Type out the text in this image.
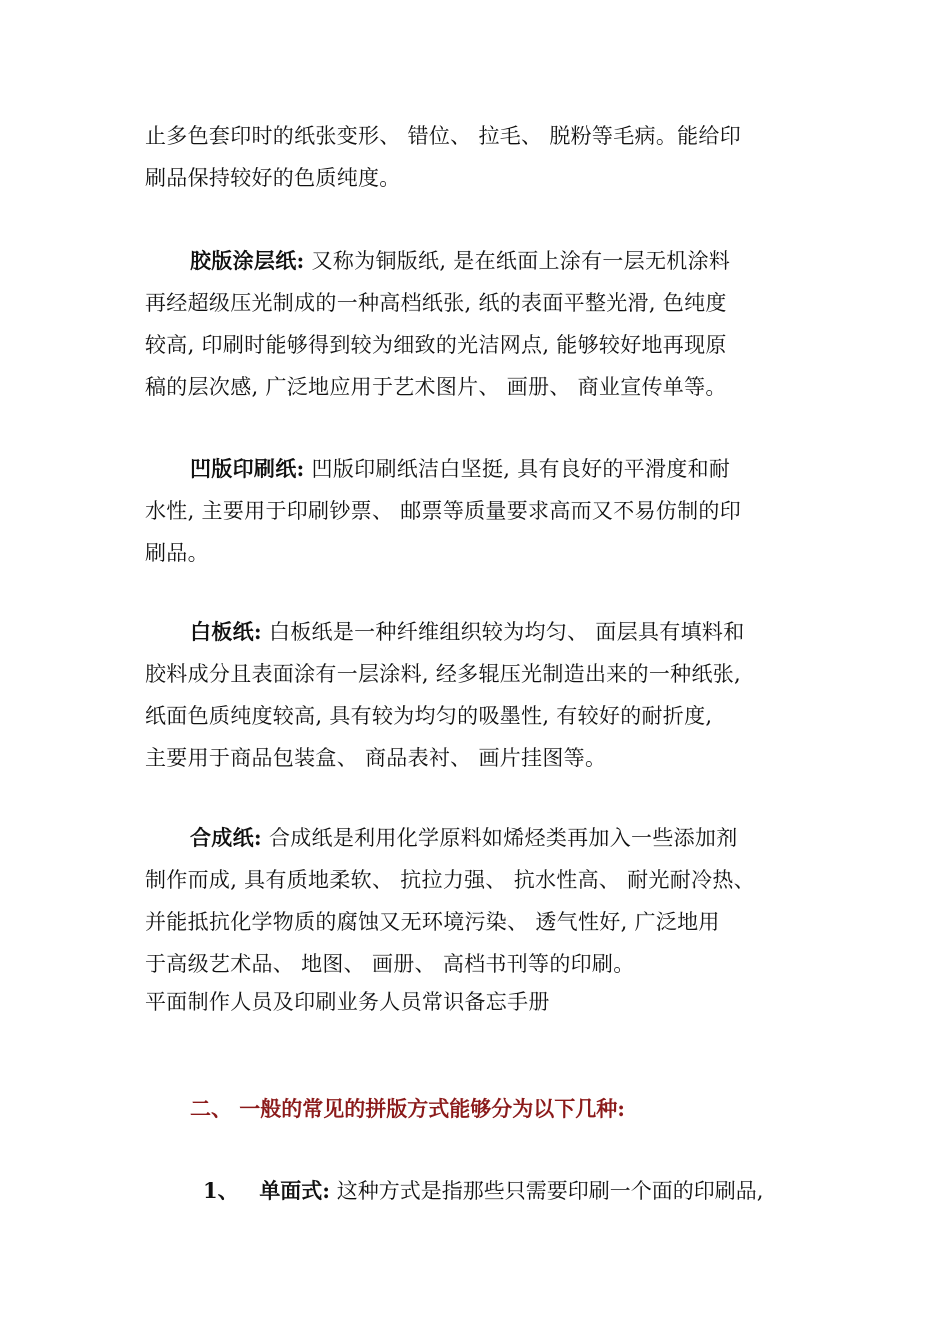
止多色套印时的纸张变形、 错位、 拉毛、 脱粉等毛病。能给印
刷品保持较好的色质纯度。
胶版涂层纸: 又称为铜版纸, 是在纸面上涂有一层无机涂料
再经超级压光制成的一种高档纸张, 纸的表面平整光滑, 色纯度
较高, 印刷时能够得到较为细致的光洁网点, 能够较好地再现原
稿的层次感, 广泛地应用于艺术图片、 画册、 商业宣传单等。
凹版印刷纸: 凹版印刷纸洁白坚挺, 具有良好的平滑度和耐
水性, 主要用于印刷钞票、 邮票等质量要求高而又不易仿制的印
刷品。
白板纸: 白板纸是一种纤维组织较为均匀、 面层具有填料和
胶料成分且表面涂有一层涂料, 经多辊压光制造出来的一种纸张,
纸面色质纯度较高, 具有较为均匀的吸墨性, 有较好的耐折度,
主要用于商品包装盒、 商品表衬、 画片挂图等。
合成纸: 合成纸是利用化学原料如烯烃类再加入一些添加剂
制作而成, 具有质地柔软、 抗拉力强、 抗水性高、 耐光耐冷热、
并能抵抗化学物质的腐蚀又无环境污染、 透气性好, 广泛地用
于高级艺术品、 地图、 画册、 高档书刊等的印刷。
平面制作人员及印刷业务人员常识备忘手册
二、 一般的常见的拼版方式能够分为以下几种:
1、 单面式: 这种方式是指那些只需要印刷一个面的印刷品,
